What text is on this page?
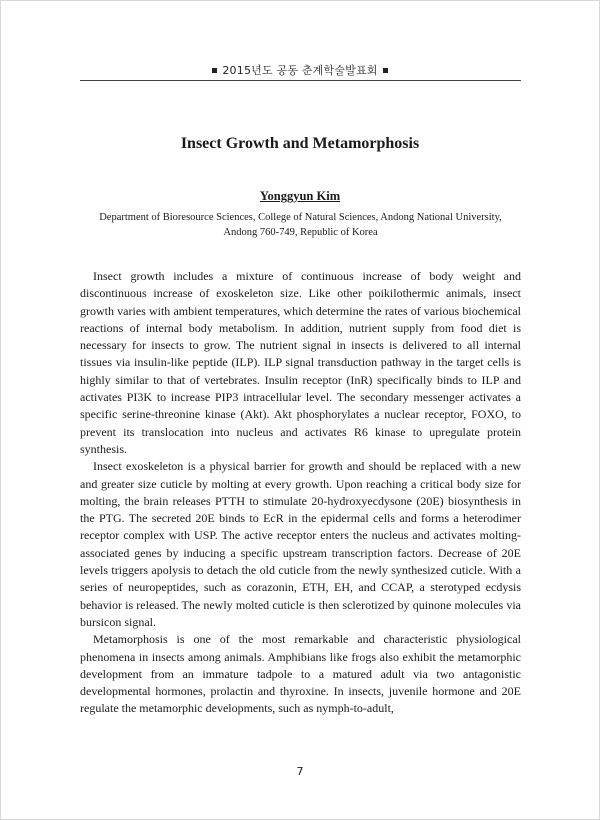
2015년도 공동 춘계학술발표회
Insect Growth and Metamorphosis
Yonggyun Kim
Department of Bioresource Sciences, College of Natural Sciences, Andong National University,
Andong 760-749, Republic of Korea

Insect growth includes a mixture of continuous increase of body weight and discontinuous increase of exoskeleton size. Like other poikilothermic animals, insect growth varies with ambient temperatures, which determine the rates of various biochemical reactions of internal body metabolism. In addition, nutrient supply from food diet is necessary for insects to grow. The nutrient signal in insects is delivered to all internal tissues via insulin-like peptide (ILP). ILP signal transduction pathway in the target cells is highly similar to that of vertebrates. Insulin receptor (InR) specifically binds to ILP and activates PI3K to increase PIP3 intracellular level. The secondary messenger activates a specific serine-threonine kinase (Akt). Akt phosphorylates a nuclear receptor, FOXO, to prevent its translocation into nucleus and activates R6 kinase to upregulate protein synthesis.

Insect exoskeleton is a physical barrier for growth and should be replaced with a new and greater size cuticle by molting at every growth. Upon reaching a critical body size for molting, the brain releases PTTH to stimulate 20-hydroxyecdysone (20E) biosynthesis in the PTG. The secreted 20E binds to EcR in the epidermal cells and forms a heterodimer receptor complex with USP. The active receptor enters the nucleus and activates molting-associated genes by inducing a specific upstream transcription factors. Decrease of 20E levels triggers apolysis to detach the old cuticle from the newly synthesized cuticle. With a series of neuropeptides, such as corazonin, ETH, EH, and CCAP, a sterotyped ecdysis behavior is released. The newly molted cuticle is then sclerotized by quinone molecules via bursicon signal.

Metamorphosis is one of the most remarkable and characteristic physiological phenomena in insects among animals. Amphibians like frogs also exhibit the metamorphic development from an immature tadpole to a matured adult via two antagonistic developmental hormones, prolactin and thyroxine. In insects, juvenile hormone and 20E regulate the metamorphic developments, such as nymph-to-adult,

7
